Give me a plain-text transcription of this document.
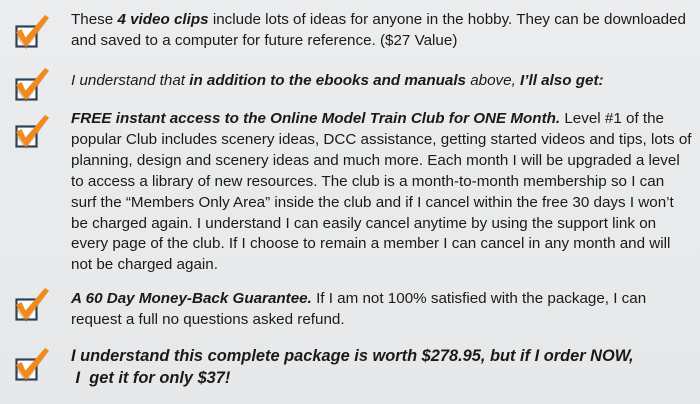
These 4 video clips include lots of ideas for anyone in the hobby. They can be downloaded and saved to a computer for future reference. ($27 Value)

I understand that in addition to the ebooks and manuals above, I’ll also get:

FREE instant access to the Online Model Train Club for ONE Month. Level #1 of the popular Club includes scenery ideas, DCC assistance, getting started videos and tips, lots of planning, design and scenery ideas and much more. Each month I will be upgraded a level to access a library of new resources. The club is a month-to-month membership so I can surf the “Members Only Area” inside the club and if I cancel within the free 30 days I won’t be charged again. I understand I can easily cancel anytime by using the support link on every page of the club. If I choose to remain a member I can cancel in any month and will not be charged again.

A 60 Day Money-Back Guarantee. If I am not 100% satisfied with the package, I can request a full no questions asked refund.

I understand this complete package is worth $278.95, but if I order NOW,
I  get it for only $37!
